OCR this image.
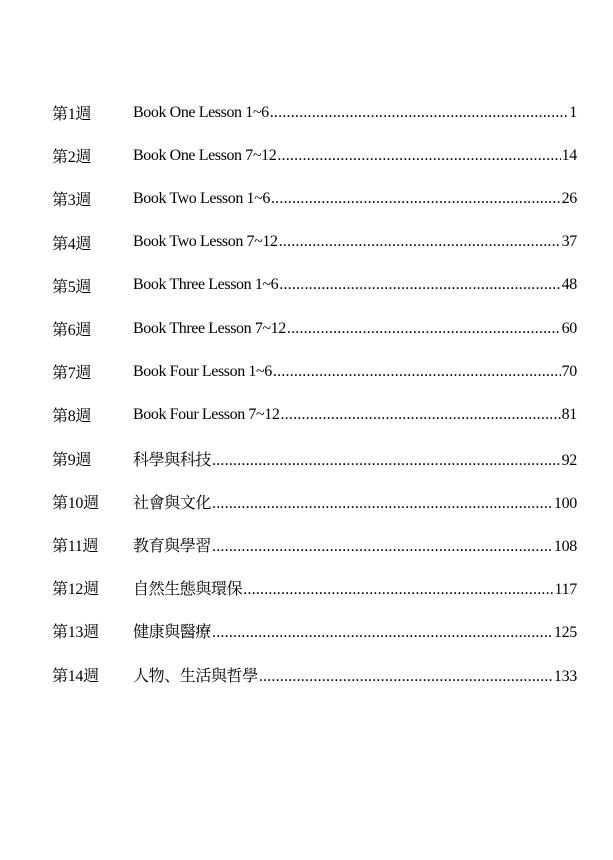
第1週	Book One Lesson 1~6 .....	1
第2週	Book One Lesson 7~12 .....	14
第3週	Book Two Lesson 1~6 .....	26
第4週	Book Two Lesson 7~12 .....	37
第5週	Book Three Lesson 1~6 .....	48
第6週	Book Three Lesson 7~12 .....	60
第7週	Book Four Lesson 1~6 .....	70
第8週	Book Four Lesson 7~12 .....	81
第9週	科學與科技 .....	92
第10週 社會與文化 .....	100
第11週 教育與學習 .....	108
第12週 自然生態與環保 .....	117
第13週 健康與醫療 .....	125
第14週 人物、生活與哲學 .....	133
